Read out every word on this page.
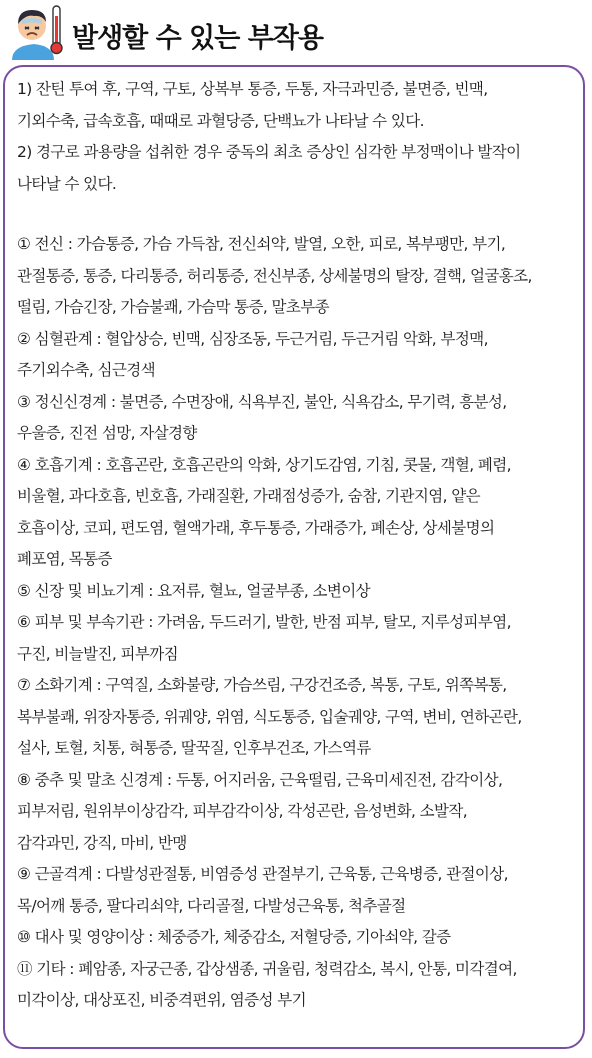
발생할 수 있는 부작용
1) 잔틴 투여 후, 구역, 구토, 상복부 통증, 두통, 자극과민증, 불면증, 빈맥,
기외수축, 급속호흡, 때때로 과혈당증, 단백뇨가 나타날 수 있다.
2) 경구로 과용량을 섭취한 경우 중독의 최초 증상인 심각한 부정맥이나 발작이
나타날 수 있다.
① 전신 : 가슴통증, 가슴 가득참, 전신쇠약, 발열, 오한, 피로, 복부팽만, 부기,
관절통증, 통증, 다리통증, 허리통증, 전신부종, 상세불명의 탈장, 결핵, 얼굴홍조,
떨림, 가슴긴장, 가슴불쾌, 가슴막 통증, 말초부종
② 심혈관계 : 혈압상승, 빈맥, 심장조동, 두근거림, 두근거림 악화, 부정맥,
주기외수축, 심근경색
③ 정신신경계 : 불면증, 수면장애, 식욕부진, 불안, 식욕감소, 무기력, 흥분성,
우울증, 진전 섬망, 자살경향
④ 호흡기계 : 호흡곤란, 호흡곤란의 악화, 상기도감염, 기침, 콧물, 객혈, 폐렴,
비울혈, 과다호흡, 빈호흡, 가래질환, 가래점성증가, 숨참, 기관지염, 얕은
호흡이상, 코피, 편도염, 혈액가래, 후두통증, 가래증가, 폐손상, 상세불명의
폐포염, 목통증
⑤ 신장 및 비뇨기계 : 요저류, 혈뇨, 얼굴부종, 소변이상
⑥ 피부 및 부속기관 : 가려움, 두드러기, 발한, 반점 피부, 탈모, 지루성피부염,
구진, 비늘발진, 피부까짐
⑦ 소화기계 : 구역질, 소화불량, 가슴쓰림, 구강건조증, 복통, 구토, 위쪽복통,
복부불쾌, 위장자통증, 위궤양, 위염, 식도통증, 입술궤양, 구역, 변비, 연하곤란,
설사, 토혈, 치통, 혀통증, 딸꾹질, 인후부건조, 가스역류
⑧ 중추 및 말초 신경계 : 두통, 어지러움, 근육떨림, 근육미세진전, 감각이상,
피부저림, 원위부이상감각, 피부감각이상, 각성곤란, 음성변화, 소발작,
감각과민, 강직, 마비, 반맹
⑨ 근골격계 : 다발성관절통, 비염증성 관절부기, 근육통, 근육병증, 관절이상,
목/어깨 통증, 팔다리쇠약, 다리골절, 다발성근육통, 척추골절
⑩ 대사 및 영양이상 : 체중증가, 체중감소, 저혈당증, 기아쇠약, 갈증
⑪ 기타 : 폐암종, 자궁근종, 갑상샘종, 귀울림, 청력감소, 복시, 안통, 미각결여,
미각이상, 대상포진, 비중격편위, 염증성 부기
